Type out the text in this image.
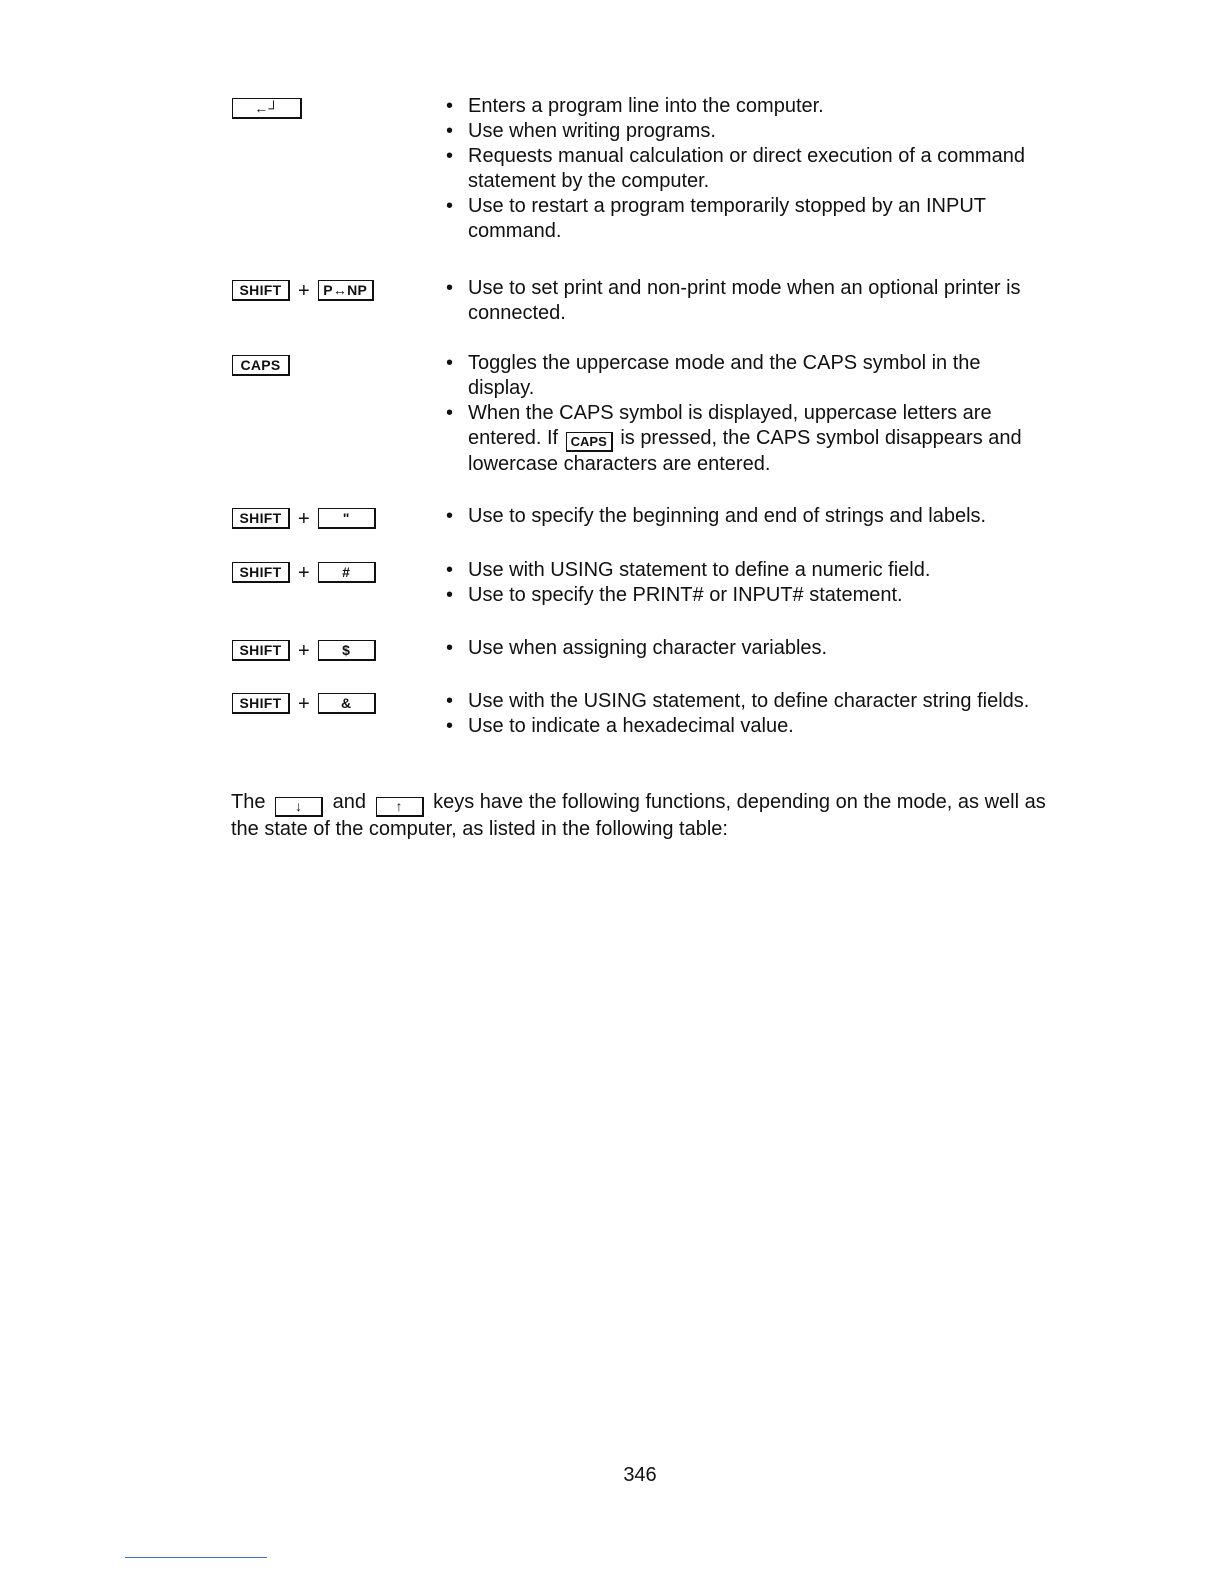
←┘	• Enters a program line into the computer.
• Use when writing programs.
• Requests manual calculation or direct execution of a command statement by the computer.
• Use to restart a program temporarily stopped by an INPUT command.
SHIFT + P↔NP	• Use to set print and non-print mode when an optional printer is connected.
CAPS	• Toggles the uppercase mode and the CAPS symbol in the display.
• When the CAPS symbol is displayed, uppercase letters are entered. If CAPS is pressed, the CAPS symbol disappears and lowercase characters are entered.
SHIFT +	"	• Use to specify the beginning and end of strings and labels.
SHIFT +	#	• Use with USING statement to define a numeric field.
• Use to specify the PRINT# or INPUT# statement.
SHIFT +	$	• Use when assigning character variables.
SHIFT +	&	• Use with the USING statement, to define character string fields.
• Use to indicate a hexadecimal value.

The ↓ and ↑ keys have the following functions, depending on the mode, as well as the state of the computer, as listed in the following table:

346
